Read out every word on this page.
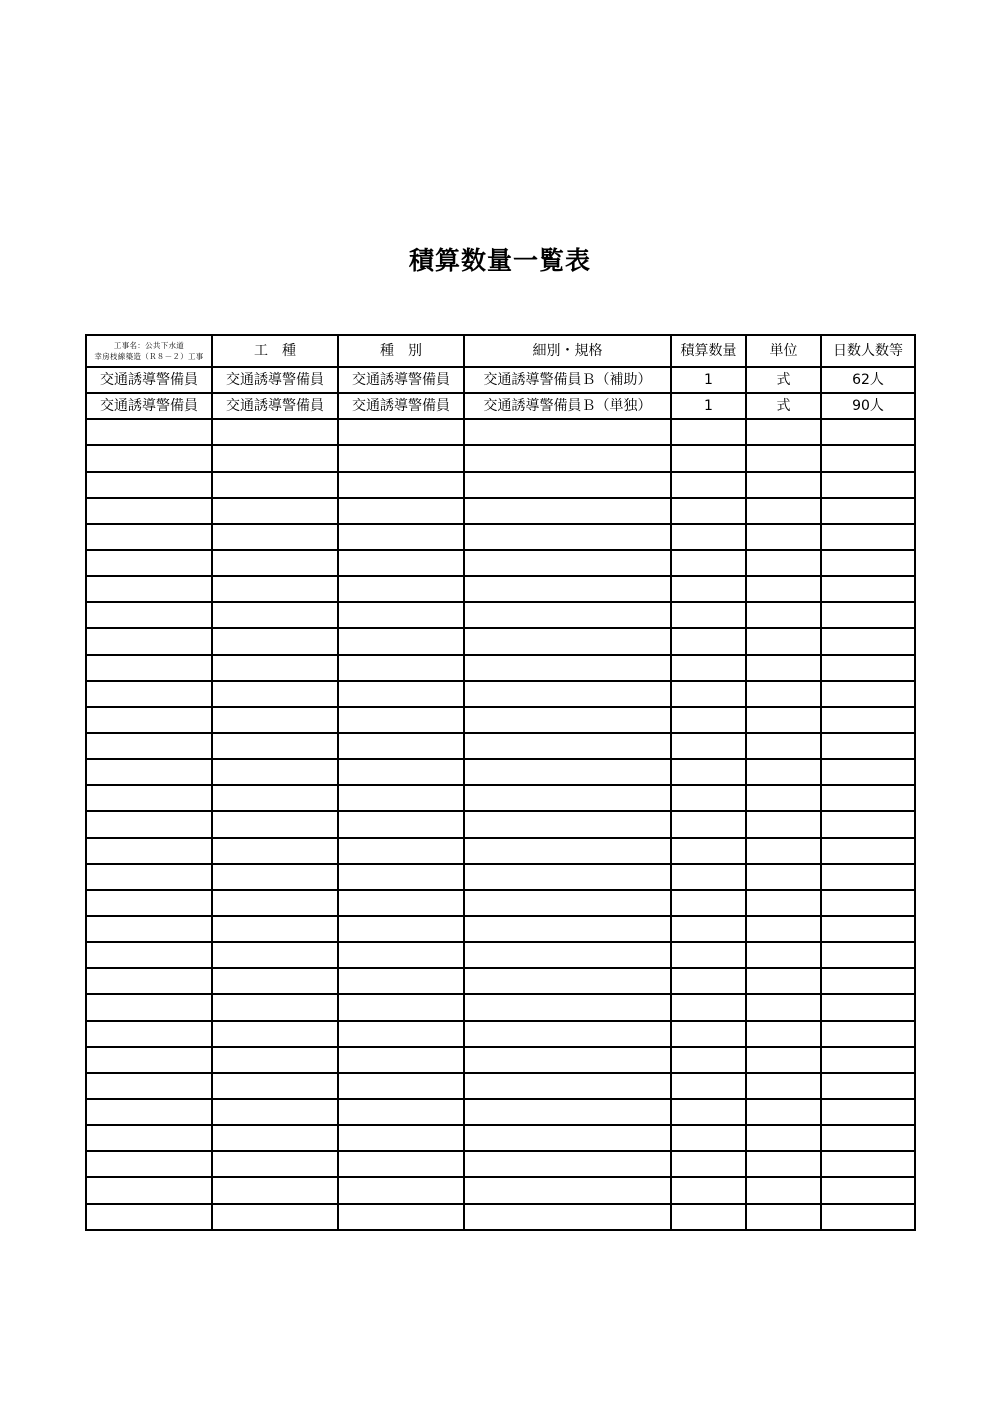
積算数量一覧表
工事名：公共下水道
幸房枝線築造（Ｒ８－２）工事	工　種	種　別	細別・規格	積算数量	単位	日数人数等
交通誘導警備員	交通誘導警備員	交通誘導警備員	交通誘導警備員Ｂ（補助）	1	式	62人
交通誘導警備員	交通誘導警備員	交通誘導警備員	交通誘導警備員Ｂ（単独）	1	式	90人
